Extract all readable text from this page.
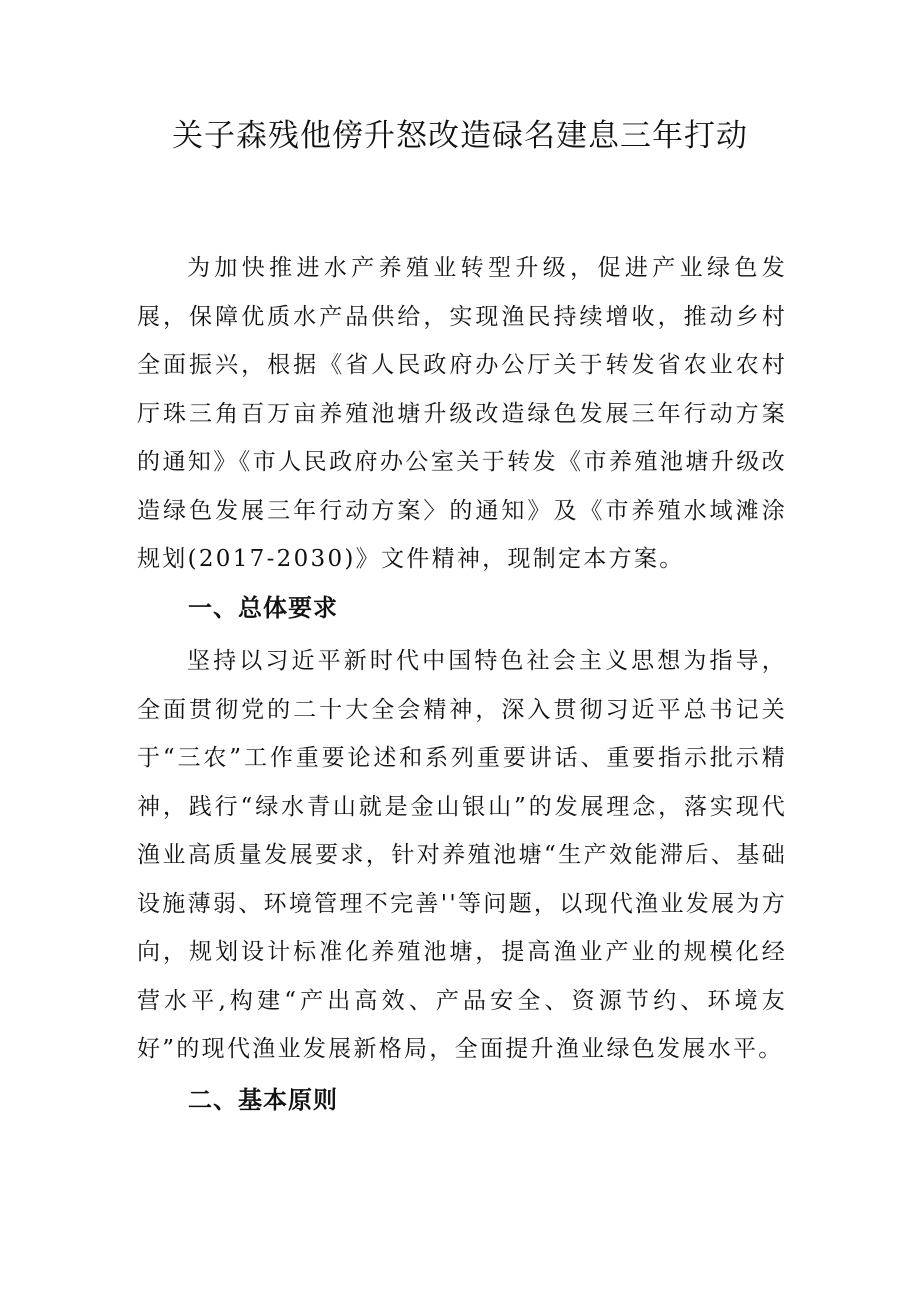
关子森残他傍升怒改造碌名建息三年打动

为加快推进水产养殖业转型升级，促进产业绿色发展，保障优质水产品供给，实现渔民持续增收，推动乡村全面振兴，根据《省人民政府办公厅关于转发省农业农村厅珠三角百万亩养殖池塘升级改造绿色发展三年行动方案的通知》《市人民政府办公室关于转发《市养殖池塘升级改造绿色发展三年行动方案〉的通知》及《市养殖水域滩涂规划(2017-2030)》文件精神，现制定本方案。

一、总体要求

坚持以习近平新时代中国特色社会主义思想为指导，全面贯彻党的二十大全会精神，深入贯彻习近平总书记关于“三农”工作重要论述和系列重要讲话、重要指示批示精神，践行“绿水青山就是金山银山”的发展理念，落实现代渔业高质量发展要求，针对养殖池塘“生产效能滞后、基础设施薄弱、环境管理不完善''等问题，以现代渔业发展为方向，规划设计标准化养殖池塘，提高渔业产业的规模化经营水平,构建“产出高效、产品安全、资源节约、环境友好”的现代渔业发展新格局，全面提升渔业绿色发展水平。

二、基本原则
